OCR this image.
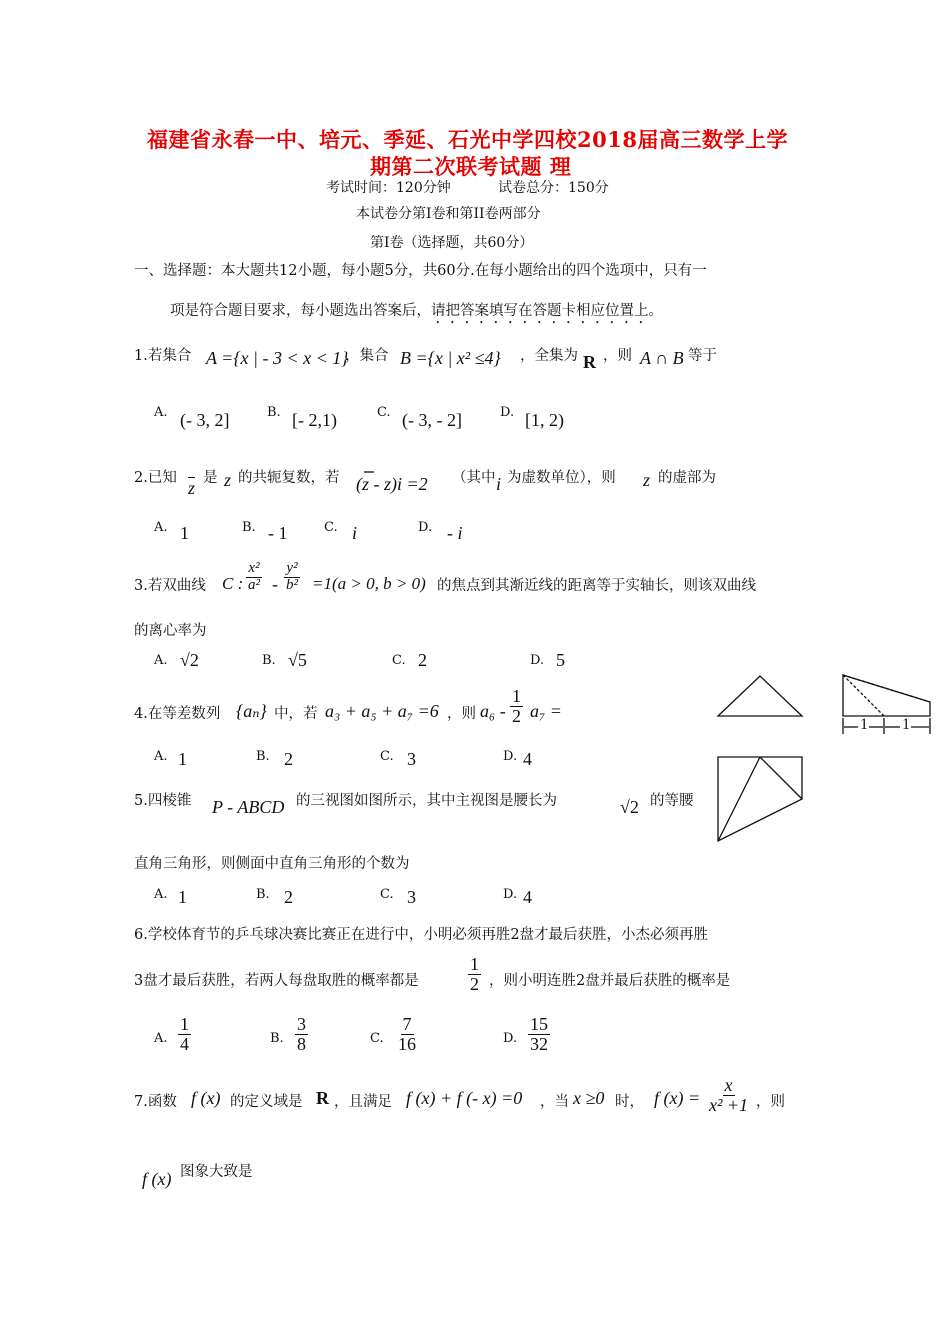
福建省永春一中、培元、季延、石光中学四校2018届高三数学上学
期第二次联考试题 理
考试时间：120分钟	试卷总分：150分
本试卷分第I卷和第II卷两部分
第I卷（选择题，共60分）
一、选择题：本大题共12小题，每小题5分，共60分.在每小题给出的四个选项中，只有一
项是符合题目要求，每小题选出答案后，请把答案填写在答题卡相应位置上。
1.若集合 A ={x | - 3 < x < 1}
，集合 B ={x | x² ≤4} ，全集为 R ，则 A ∩ B 等于
A. (- 3, 2]	B. [- 2,1)	C. (- 3, - 2]	D. [1, 2)
2.已知 $\overline{z}$ 是 z 的共轭复数，若 (z - z)i =2 （其中 i 为虚数单位），则 z 的虚部为
A. 1	B. - 1	C. i	D. - i
3.若双曲线 C : $\frac{\text{x²}}{\text{a²}} - \frac{\text{y²}}{\text{b²}} =1(a > 0$, b > 0) 的焦点到其渐近线的距离等于实轴长，则该双曲线
的离心率为
A. √2	B. √5	C. 2	D. 5
4.在等差数列 {aₙ} 中，若 a₃ + a₅ + a₇ =6 ，则 $a_6 - \frac{1}{2} a_7$ =
A. 1	B. 2	C. 3	D. 4
1 1
5.四棱锥 P - ABCD 的三视图如图所示，其中主视图是腰长为	√2 的等腰
直角三角形，则侧面中直角三角形的个数为
A. 1	B. 2	C. 3	D. 4
6.学校体育节的乒乓球决赛比赛正在进行中，小明必须再胜2盘才最后获胜，小杰必须再胜
3盘才最后获胜，若两人每盘取胜的概率都是	$\frac{1}{2}$ ，则小明连胜2盘并最后获胜的概率是
A. $\frac{1}{4}$	B. $\frac{3}{8}$	C. $\frac{7}{16}$	D. $\frac{15}{32}$
7.函数 f (x) 的定义域是 R ，且满足 f (x) + f (- x) =0 ，当 x ≥0 时， f $(x) = \frac{x}{\text{x² +1}}$ ，则
f (x) 图象大致是
